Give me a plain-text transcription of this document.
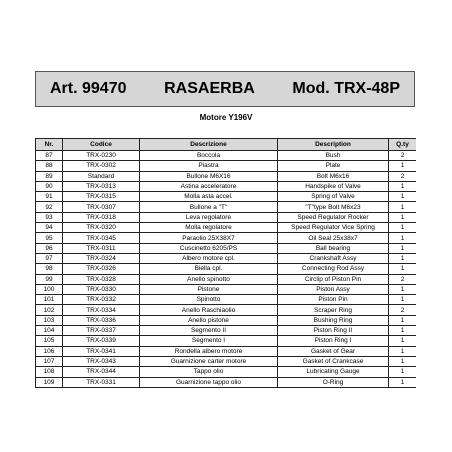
Art. 99470 RASAERBA Mod. TRX-48P
Motore Y196V
Nr.	Codice	Descrizione	Description	Q.ty
87	TRX-0230	Boccola	Bush	2
88	TRX-0302	Piastra	Plate	1
89	Standard	Bullone M6X16	Bolt M6x16	2
90	TRX-0313	Astina acceleratore	Handspike of Valve	1
91	TRX-0315	Molla asta accel.	Spring of Valve	1
92	TRX-0307	Bullone a "T"	"T"type Bolt M6x23	1
93	TRX-0318	Leva regolatore	Speed Regulator Rocker	1
94	TRX-0320	Molla regolatore	Speed Regulator Vice Spring	1
95	TRX-0345	Paraolio 25X38X7	Oil Seal 25x38x7	1
96	TRX-0311	Cuscinetto 6205/PS	Ball bearing	1
97	TRX-0324	Albero motore cpl.	Crankshaft Assy	1
98	TRX-0326	Biella cpl.	Connecting Rod Assy	1
99	TRX-0328	Anello spinotto	Circlip of Piston Pin	2
100	TRX-0330	Pistone	Piston Assy	1
101	TRX-0332	Spinotto	Piston Pin	1
102	TRX-0334	Anello Raschiaolio	Scraper Ring	2
103	TRX-0336	Anello pistone	Bushing Ring	1
104	TRX-0337	Segmento II	Piston Ring II	1
105	TRX-0339	Segmento I	Piston Ring I	1
106	TRX-0341	Rondella albero motore	Gasket of Gear	1
107	TRX-0343	Guarnizione carter motore	Gasket of Crankcase	1
108	TRX-0344	Tappo olio	Lubricating Gauge	1
109	TRX-0331	Guarnizione tappo olio	O-Ring	1
